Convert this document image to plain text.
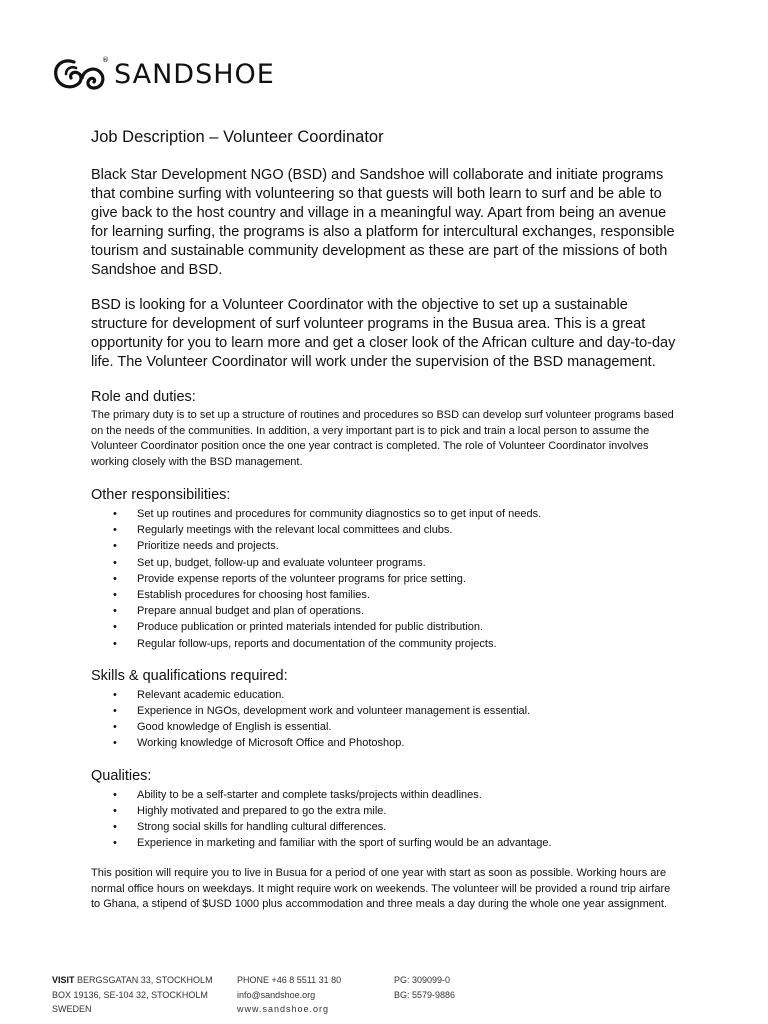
® SANDSHOE
Job Description – Volunteer Coordinator

Black Star Development NGO (BSD) and Sandshoe will collaborate and initiate programs that combine surfing with volunteering so that guests will both learn to surf and be able to give back to the host country and village in a meaningful way. Apart from being an avenue for learning surfing, the programs is also a platform for intercultural exchanges, responsible tourism and sustainable community development as these are part of the missions of both Sandshoe and BSD.

BSD is looking for a Volunteer Coordinator with the objective to set up a sustainable structure for development of surf volunteer programs in the Busua area. This is a great opportunity for you to learn more and get a closer look of the African culture and day-to-day life. The Volunteer Coordinator will work under the supervision of the BSD management.

Role and duties:

The primary duty is to set up a structure of routines and procedures so BSD can develop surf volunteer programs based on the needs of the communities. In addition, a very important part is to pick and train a local person to assume the Volunteer Coordinator position once the one year contract is completed. The role of Volunteer Coordinator involves working closely with the BSD management.

Other responsibilities:
• Set up routines and procedures for community diagnostics so to get input of needs.
• Regularly meetings with the relevant local committees and clubs.
• Prioritize needs and projects.
• Set up, budget, follow-up and evaluate volunteer programs.
• Provide expense reports of the volunteer programs for price setting.
• Establish procedures for choosing host families.
• Prepare annual budget and plan of operations.
• Produce publication or printed materials intended for public distribution.
• Regular follow-ups, reports and documentation of the community projects.
Skills & qualifications required:
• Relevant academic education.
• Experience in NGOs, development work and volunteer management is essential.
• Good knowledge of English is essential.
• Working knowledge of Microsoft Office and Photoshop.
Qualities:
• Ability to be a self-starter and complete tasks/projects within deadlines.
• Highly motivated and prepared to go the extra mile.
• Strong social skills for handling cultural differences.
• Experience in marketing and familiar with the sport of surfing would be an advantage.

This position will require you to live in Busua for a period of one year with start as soon as possible. Working hours are normal office hours on weekdays. It might require work on weekends. The volunteer will be provided a round trip airfare to Ghana, a stipend of $USD 1000 plus accommodation and three meals a day during the whole one year assignment.

VISIT BERGSGATAN 33, STOCKHOLM
BOX 19136, SE-104 32, STOCKHOLM
SWEDEN
PHONE +46 8 5511 31 80
info@sandshoe.org
www.sandshoe.org
PG: 309099-0
BG: 5579-9886
